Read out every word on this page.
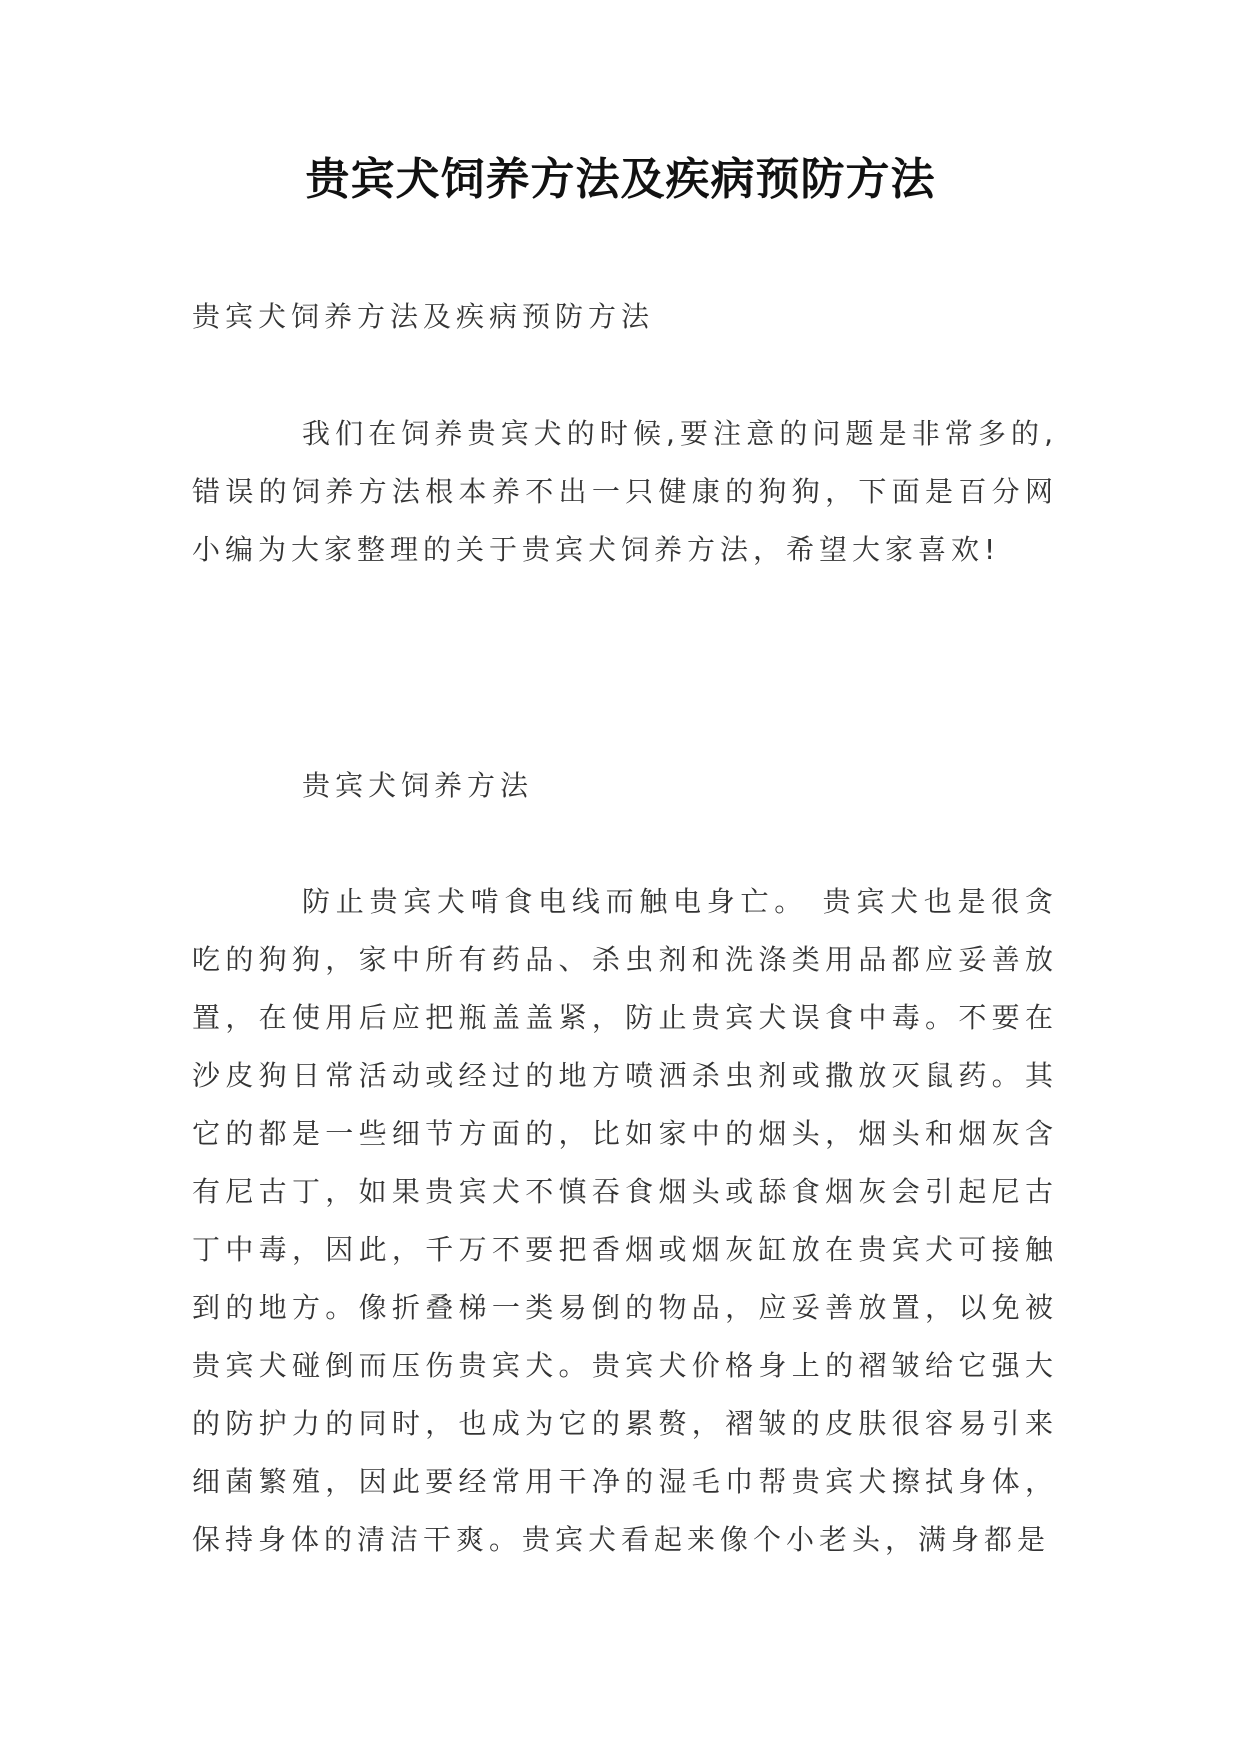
贵宾犬饲养方法及疾病预防方法

贵宾犬饲养方法及疾病预防方法

我们在饲养贵宾犬的时候,要注意的问题是非常多的,错误的饲养方法根本养不出一只健康的狗狗，下面是百分网小编为大家整理的关于贵宾犬饲养方法，希望大家喜欢!

贵宾犬饲养方法

防止贵宾犬啃食电线而触电身亡。 贵宾犬也是很贪吃的狗狗，家中所有药品、杀虫剂和洗涤类用品都应妥善放置，在使用后应把瓶盖盖紧，防止贵宾犬误食中毒。不要在沙皮狗日常活动或经过的地方喷洒杀虫剂或撒放灭鼠药。其它的都是一些细节方面的，比如家中的烟头，烟头和烟灰含有尼古丁，如果贵宾犬不慎吞食烟头或舔食烟灰会引起尼古丁中毒，因此，千万不要把香烟或烟灰缸放在贵宾犬可接触到的地方。像折叠梯一类易倒的物品，应妥善放置，以免被贵宾犬碰倒而压伤贵宾犬。贵宾犬价格身上的褶皱给它强大的防护力的同时，也成为它的累赘，褶皱的皮肤很容易引来细菌繁殖，因此要经常用干净的湿毛巾帮贵宾犬擦拭身体，保持身体的清洁干爽。贵宾犬看起来像个小老头，满身都是
